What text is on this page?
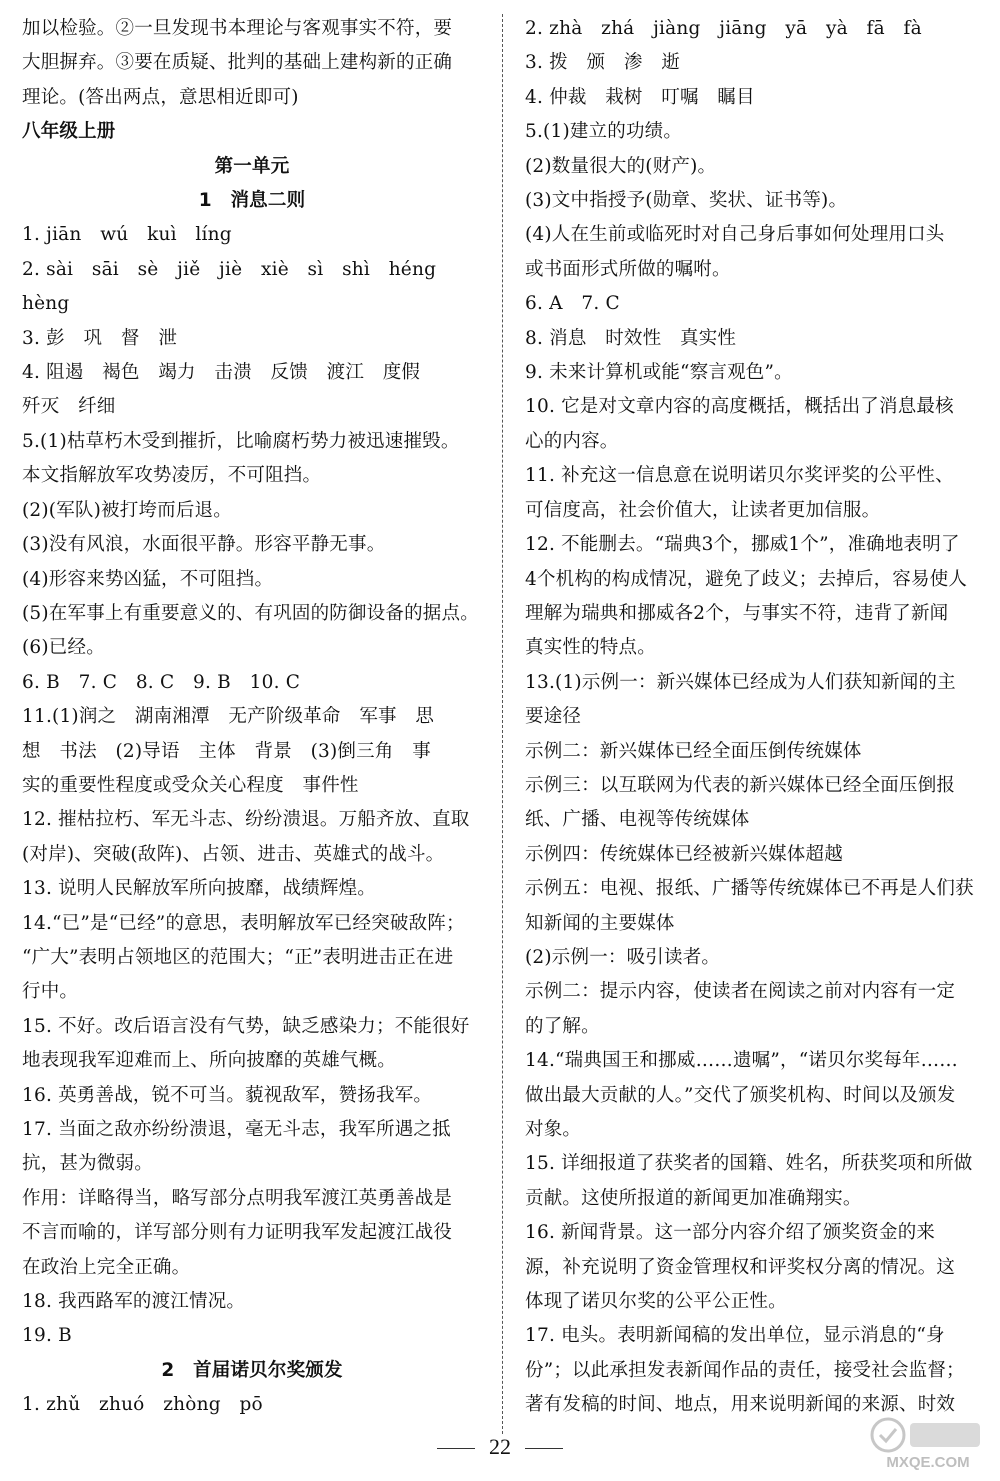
加以检验。②一旦发现书本理论与客观事实不符，要
大胆摒弃。③要在质疑、批判的基础上建构新的正确
理论。(答出两点，意思相近即可)
八年级上册
第一单元
1　消息二则
1. jiān　wú　kuì　líng
2. sài　sāi　sè　jiě　jiè　xiè　sì　shì　héng
hèng
3. 彭　巩　督　泄
4. 阻遏　褐色　竭力　击溃　反馈　渡江　度假
歼灭　纤细
5.(1)枯草朽木受到摧折，比喻腐朽势力被迅速摧毁。
本文指解放军攻势凌厉，不可阻挡。
(2)(军队)被打垮而后退。
(3)没有风浪，水面很平静。形容平静无事。
(4)形容来势凶猛，不可阻挡。
(5)在军事上有重要意义的、有巩固的防御设备的据点。
(6)已经。
6. B　7. C　8. C　9. B　10. C
11.(1)润之　湖南湘潭　无产阶级革命　军事　思
想　书法　(2)导语　主体　背景　(3)倒三角　事
实的重要性程度或受众关心程度　事件性
12. 摧枯拉朽、军无斗志、纷纷溃退。万船齐放、直取
(对岸)、突破(敌阵)、占领、进击、英雄式的战斗。
13. 说明人民解放军所向披靡，战绩辉煌。
14.“已”是“已经”的意思，表明解放军已经突破敌阵；
“广大”表明占领地区的范围大；“正”表明进击正在进
行中。
15. 不好。改后语言没有气势，缺乏感染力；不能很好
地表现我军迎难而上、所向披靡的英雄气概。
16. 英勇善战，锐不可当。藐视敌军，赞扬我军。
17. 当面之敌亦纷纷溃退，毫无斗志，我军所遇之抵
抗，甚为微弱。
作用：详略得当，略写部分点明我军渡江英勇善战是
不言而喻的，详写部分则有力证明我军发起渡江战役
在政治上完全正确。
18. 我西路军的渡江情况。
19. B
2　首届诺贝尔奖颁发
1. zhǔ　zhuó　zhòng　pō
2. zhà　zhá　jiàng　jiāng　yā　yà　fā　fà
3. 拨　颁　渗　逝
4. 仲裁　栽树　叮嘱　瞩目
5.(1)建立的功绩。
(2)数量很大的(财产)。
(3)文中指授予(勋章、奖状、证书等)。
(4)人在生前或临死时对自己身后事如何处理用口头
或书面形式所做的嘱咐。
6. A　7. C
8. 消息　时效性　真实性
9. 未来计算机或能“察言观色”。
10. 它是对文章内容的高度概括，概括出了消息最核
心的内容。
11. 补充这一信息意在说明诺贝尔奖评奖的公平性、
可信度高，社会价值大，让读者更加信服。
12. 不能删去。“瑞典3个，挪威1个”，准确地表明了
4个机构的构成情况，避免了歧义；去掉后，容易使人
理解为瑞典和挪威各2个，与事实不符，违背了新闻
真实性的特点。
13.(1)示例一：新兴媒体已经成为人们获知新闻的主
要途径
示例二：新兴媒体已经全面压倒传统媒体
示例三：以互联网为代表的新兴媒体已经全面压倒报
纸、广播、电视等传统媒体
示例四：传统媒体已经被新兴媒体超越
示例五：电视、报纸、广播等传统媒体已不再是人们获
知新闻的主要媒体
(2)示例一：吸引读者。
示例二：提示内容，使读者在阅读之前对内容有一定
的了解。
14.“瑞典国王和挪威……遗嘱”，“诺贝尔奖每年……
做出最大贡献的人。”交代了颁奖机构、时间以及颁发
对象。
15. 详细报道了获奖者的国籍、姓名，所获奖项和所做
贡献。这使所报道的新闻更加准确翔实。
16. 新闻背景。这一部分内容介绍了颁奖资金的来
源，补充说明了资金管理权和评奖权分离的情况。这
体现了诺贝尔奖的公平公正性。
17. 电头。表明新闻稿的发出单位，显示消息的“身
份”；以此承担发表新闻作品的责任，接受社会监督；
著有发稿的时间、地点，用来说明新闻的来源、时效
22
MXQE.COM
